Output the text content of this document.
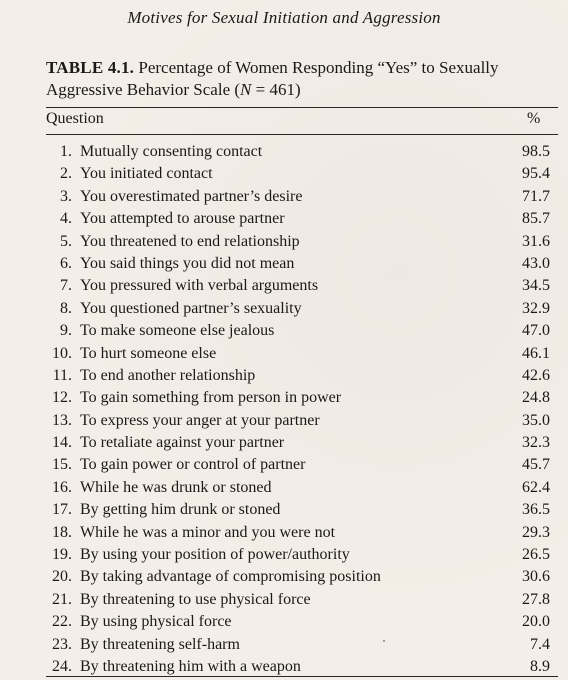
Motives for Sexual Initiation and Aggression
TABLE 4.1. Percentage of Women Responding “Yes” to Sexually Aggressive Behavior Scale (N = 461)
Question	%
1. Mutually consenting contact	98.5
2. You initiated contact	95.4
3. You overestimated partner’s desire	71.7
4. You attempted to arouse partner	85.7
5. You threatened to end relationship	31.6
6. You said things you did not mean	43.0
7. You pressured with verbal arguments	34.5
8. You questioned partner’s sexuality	32.9
9. To make someone else jealous	47.0
10. To hurt someone else	46.1
11. To end another relationship	42.6
12. To gain something from person in power	24.8
13. To express your anger at your partner	35.0
14. To retaliate against your partner	32.3
15. To gain power or control of partner	45.7
16. While he was drunk or stoned	62.4
17. By getting him drunk or stoned	36.5
18. While he was a minor and you were not	29.3
19. By using your position of power/authority	26.5
20. By taking advantage of compromising position	30.6
21. By threatening to use physical force	27.8
22. By using physical force	20.0
23. By threatening self-harm	7.4
24. By threatening him with a weapon	8.9
